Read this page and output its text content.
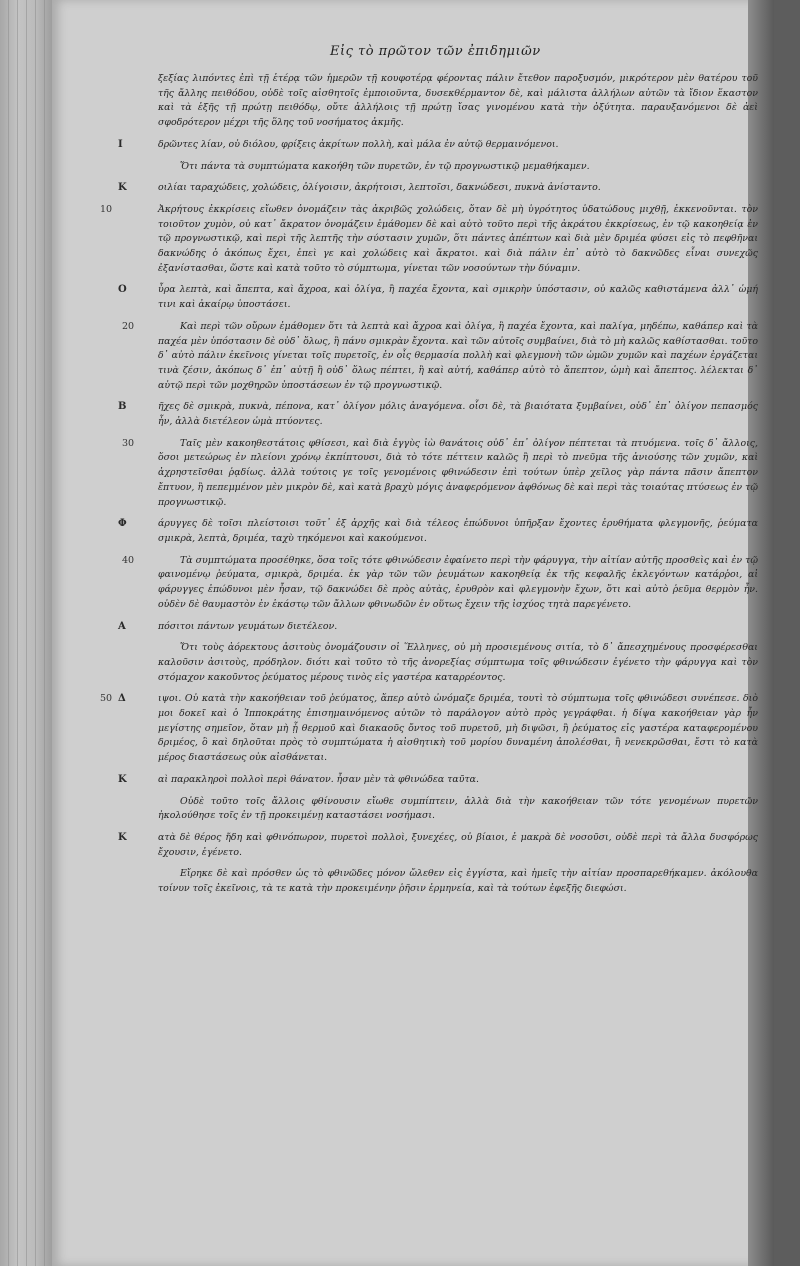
Εἰς τὸ πρῶτον τῶν ἐπιδημιῶν

ξεξίας λιπόντες ἐπὶ τῇ ἑτέρᾳ τῶν ἡμερῶν τῇ κουφοτέρᾳ φέροντας πάλιν ἔτεθον παροξυσμόν, μικρότερον μὲν θατέρου τοῦ τῆς ἄλλης πειθόδου, οὐδὲ τοῖς αἰσθητοῖς ἐμποιοῦντα, δυσεκθέρμαντον δὲ, καὶ μάλιστα ἀλλήλων αὐτῶν τὰ ἴδιον ἕκαστον καὶ τὰ ἑξῆς τῇ πρώτῃ πειθόδῳ, οὔτε ἀλλήλοις τῇ πρώτῃ ἴσας γινομένου κατὰ τὴν ὀξύτητα. παραυξανόμενοι δὲ ἀεὶ σφοδρότερον μέχρι τῆς ὅλης τοῦ νοσήματος ἀκμῆς.

Ι	δρῶντες λίαν, οὐ διόλου, φρίξεις ἀκρίτων πολλὴ, καὶ μάλα ἐν αὐτῷ θερμαινόμενοι.

Ὅτι πάντα τὰ συμπτώματα κακοήθη τῶν πυρετῶν, ἐν τῷ προγνωστικῷ μεμαθήκαμεν.

Κ	οιλίαι ταραχώδεις, χολώδεις, ὀλίγοισιν, ἀκρήτοισι, λεπτοῖσι, δακνώδεσι, πυκνὰ ἀνίσταντο.

10	Ἀκρήτους ἐκκρίσεις εἴωθεν ὀνομάζειν τὰς ἀκριβῶς χολώδεις, ὅταν δὲ μὴ ὑγρότητος ὑδατώδους μιχθῇ, ἐκκενοῦνται. τὸν τοιοῦτον χυμὸν, οὐ κατ᾿ ἄκρατον ὀνομάζειν ἐμάθομεν δὲ καὶ αὐτὸ τοῦτο περὶ τῆς ἀκράτου ἐκκρίσεως, ἐν τῷ κακοηθείᾳ ἐν τῷ προγνωστικῷ, καὶ περὶ τῆς λεπτῆς τὴν σύστασιν χυμῶν, ὅτι πάντες ἀπέπτων καὶ διὰ μὲν δριμέα φύσει εἰς τὸ πεφθῆναι δακνώδης ὁ ἀκόπως ἔχει, ἐπεὶ γε καὶ χολώδεις καὶ ἄκρατοι. καὶ διὰ πάλιν ἐπ᾿ αὐτὸ τὸ δακνῶδες εἶναι συνεχῶς ἐξανίστασθαι, ὥστε καὶ κατὰ τοῦτο τὸ σύμπτωμα, γίνεται τῶν νοσούντων τὴν δύναμιν.

Ο	ὖρα λεπτὰ, καὶ ἄπεπτα, καὶ ἄχροα, καὶ ὀλίγα, ἢ παχέα ἔχοντα, καὶ σμικρὴν ὑπόστασιν, οὐ καλῶς καθιστάμενα ἀλλ᾿ ὡμή τινι καὶ ἀκαίρῳ ὑποστάσει.

20	Καὶ περὶ τῶν οὔρων ἐμάθομεν ὅτι τὰ λεπτὰ καὶ ἄχροα καὶ ὀλίγα, ἢ παχέα ἔχοντα, καὶ παλίγα, μηδέπω, καθάπερ καὶ τὰ παχέα μὲν ὑπόστασιν δὲ οὐδ᾿ ὅλως, ἢ πάνυ σμικρὰν ἔχοντα. καὶ τῶν αὐτοῖς συμβαίνει, διὰ τὸ μὴ καλῶς καθίστασθαι. τοῦτο δ᾿ αὐτὸ πάλιν ἐκεῖνοις γίνεται τοῖς πυρετοῖς, ἐν οἷς θερμασία πολλὴ καὶ φλεγμονὴ τῶν ὠμῶν χυμῶν καὶ παχέων ἐργάζεται τινὰ ζέσιν, ἀκόπως δ᾿ ἐπ᾿ αὐτῇ ἢ οὐδ᾿ ὅλως πέπτει, ἢ καὶ αὐτή, καθάπερ αὐτὸ τὸ ἄπεπτον, ὡμὴ καὶ ἄπεπτος. λέλεκται δ᾿ αὐτῷ περὶ τῶν μοχθηρῶν ὑποστάσεων ἐν τῷ προγνωστικῷ.

Β	ῆχες δὲ σμικρὰ, πυκνὰ, πέπονα, κατ᾿ ὀλίγον μόλις ἀναγόμενα. οἷσι δὲ, τὰ βιαιότατα ξυμβαίνει, οὐδ᾿ ἐπ᾿ ὀλίγον πεπασμός ἦν, ἀλλὰ διετέλεον ὠμὰ πτύοντες.

30	Ταῖς μὲν κακοηθεστάτοις φθίσεσι, καὶ διὰ ἐγγὺς ἰὼ θανάτοις οὐδ᾿ ἐπ᾿ ὀλίγον πέπτεται τὰ πτυόμενα. τοῖς δ᾿ ἄλλοις, ὅσοι μετεώρως ἐν πλείονι χρόνῳ ἐκπίπτουσι, διὰ τὸ τότε πέττειν καλῶς ἢ περὶ τὸ πνεῦμα τῆς ἀνιούσης τῶν χυμῶν, καὶ ἀχρηστεῖσθαι ῥᾳδίως. ἀλλὰ τούτοις γε τοῖς γενομένοις φθινώδεσιν ἐπὶ τούτων ὑπὲρ χεῖλος γὰρ πάντα πᾶσιν ἄπεπτον ἔπτυον, ἢ πεπεμμένον μὲν μικρὸν δὲ, καὶ κατὰ βραχὺ μόγις ἀναφερόμενον ἀφθόνως δὲ καὶ περὶ τὰς τοιαύτας πτύσεως ἐν τῷ προγνωστικῷ.

Φ	άρυγγες δὲ τοῖσι πλείστοισι τοῦτ᾿ ἐξ ἀρχῆς καὶ διὰ τέλεος ἐπώδυνοι ὑπῆρξαν ἔχοντες ἐρυθήματα φλεγμονῆς, ῥεύματα σμικρὰ, λεπτὰ, δριμέα, ταχὺ τηκόμενοι καὶ κακούμενοι.

40	Τὰ συμπτώματα προσέθηκε, ὅσα τοῖς τότε φθινώδεσιν ἐφαίνετο περὶ τὴν φάρυγγα, τὴν αἰτίαν αὐτῆς προσθεὶς καὶ ἐν τῷ φαινομένῳ ῥεύματα, σμικρὰ, δριμέα. ἐκ γὰρ τῶν τῶν ῥευμάτων κακοηθείᾳ ἐκ τῆς κεφαλῆς ἐκλεγόντων κατάρῥοι, αἱ φάρυγγες ἐπώδυνοι μὲν ἦσαν, τῷ δακνώδει δὲ πρὸς αὐτὰς, ἐρυθρὸν καὶ φλεγμονὴν ἔχων, ὅτι καὶ αὐτὸ ῥεῦμα θερμὸν ἦν. οὐδὲν δὲ θαυμαστὸν ἐν ἑκάστῳ τῶν ἄλλων φθινωδῶν ἐν οὕτως ἔχειν τῆς ἰσχύος τητὰ παρεγένετο.

Α	πόσιτοι πάντων γευμάτων διετέλεον.

Ὅτι τοὺς ἀόρεκτους ἀσιτοὺς ὀνομάζουσιν οἱ Ἕλληνες, οὐ μὴ προσιεμένους σιτία, τὸ δ᾿ ἄπεσχημένους προσφέρεσθαι καλοῦσιν ἀσιτοὺς, πρόδηλον. διότι καὶ τοῦτο τὸ τῆς ἀνορεξίας σύμπτωμα τοῖς φθινώδεσιν ἐγένετο τὴν φάρυγγα καὶ τὸν στόμαχον κακοῦντος ῥεύματος μέρους τινὸς εἰς γαστέρα καταρρέοντος.

Δ
50	ιψοι. Οὐ κατὰ τὴν κακοήθειαν τοῦ ῥεύματος, ἅπερ αὐτὸ ὠνόμαζε δριμέα, τουτὶ τὸ σύμπτωμα τοῖς φθινώδεσι συνέπεσε. διὸ μοι δοκεῖ καὶ ὁ Ἱπποκράτης ἐπισημαινόμενος αὐτῶν τὸ παράλογον αὐτὸ πρὸς γεγράφθαι. ἡ δίψα κακοήθειαν γὰρ ἦν μεγίστης σημεῖον, ὅταν μὴ ᾖ θερμοῦ καὶ διακαοῦς ὄντος τοῦ πυρετοῦ, μὴ διψῶσι, ἢ ῥεύματος εἰς γαστέρα καταφερομένου δριμέος, ὃ καὶ δηλοῦται πρὸς τὸ συμπτώματα ἡ αἰσθητικὴ τοῦ μορίου δυναμένη ἀπολέσθαι, ἢ νενεκρῶσθαι, ἔστι τὸ κατὰ μέρος διαστάσεως οὐκ αἰσθάνεται.

Κ	αὶ παρακληροὶ πολλοὶ περὶ θάνατον. ἦσαν μὲν τὰ φθινώδεα ταῦτα.

Οὐδὲ τοῦτο τοῖς ἄλλοις φθίνουσιν εἴωθε συμπίπτειν, ἀλλὰ διὰ τὴν κακοήθειαν τῶν τότε γενομένων πυρετῶν ἠκολούθησε τοῖς ἐν τῇ προκειμένῃ καταστάσει νοσήμασι.

Κ	ατὰ δὲ θέρος ἤδη καὶ φθινόπωρον, πυρετοὶ πολλοὶ, ξυνεχέες, οὐ βίαιοι, ἐ μακρὰ δὲ νοσοῦσι, οὐδὲ περὶ τὰ ἄλλα δυσφόρως ἔχουσιν, ἐγένετο.

Εἴρηκε δὲ καὶ πρόσθεν ὡς τὸ φθινῶδες μόνον ὤλεθεν εἰς ἐγγίστα, καὶ ἡμεῖς τὴν αἰτίαν προσπαρεθήκαμεν. ἀκόλουθα τοίνυν τοῖς ἐκεῖνοις, τὰ τε κατὰ τὴν προκειμένην ῥῆσιν ἑρμηνεία, καὶ τὰ τούτων ἐφεξῆς διεφώσι.
